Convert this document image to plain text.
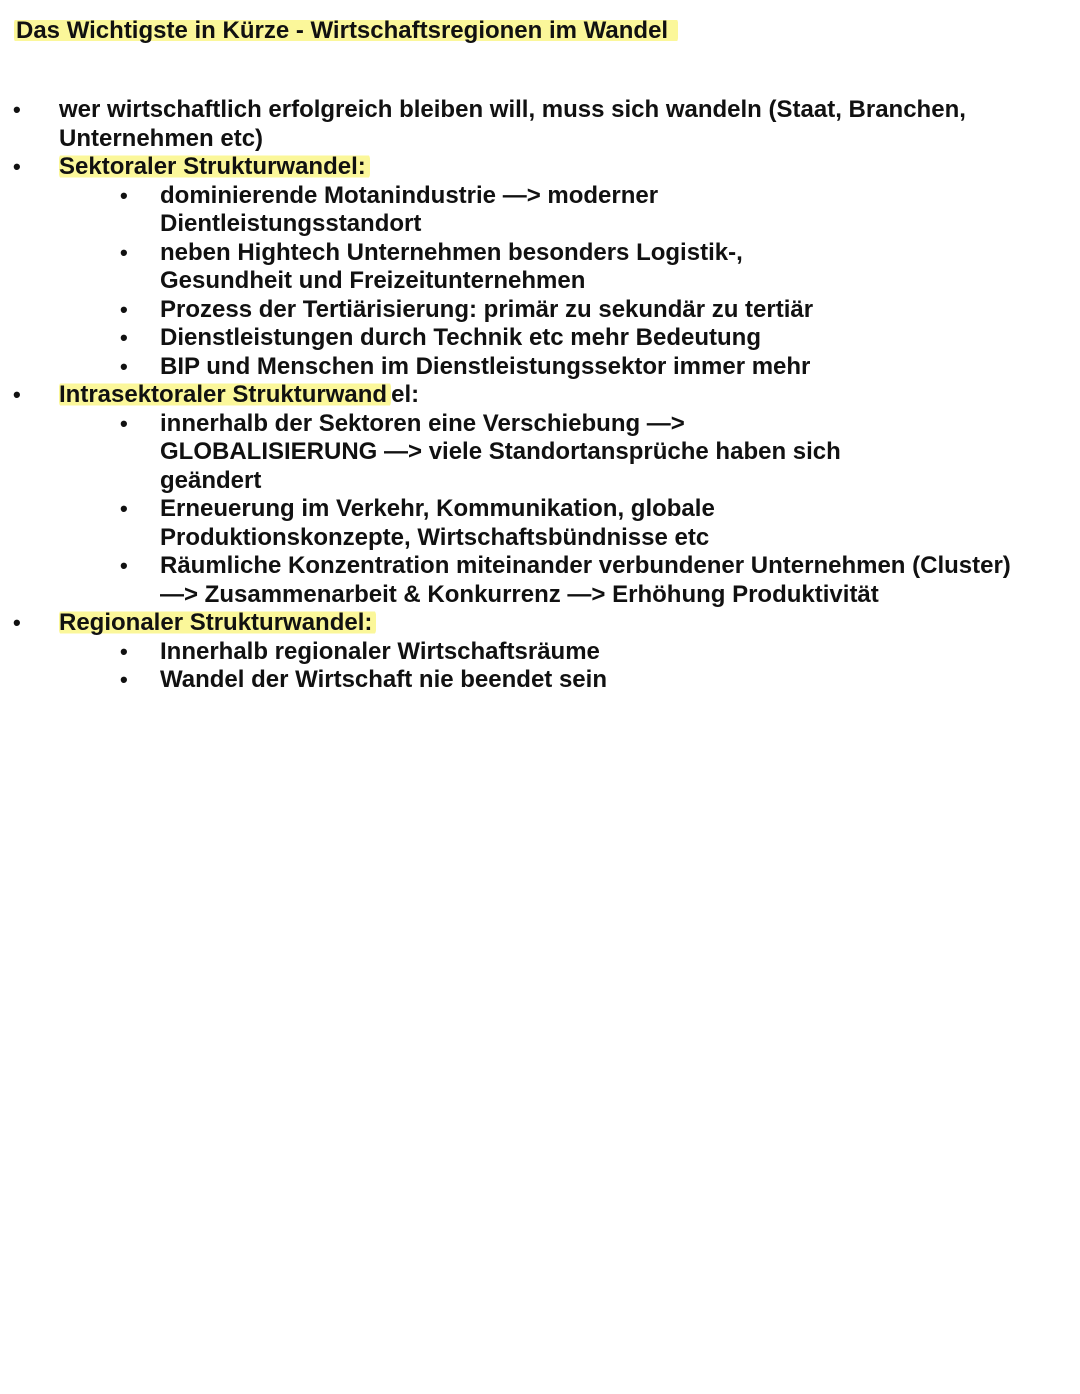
Das Wichtigste in Kürze - Wirtschaftsregionen im Wandel
• wer wirtschaftlich erfolgreich bleiben will, muss sich wandeln (Staat, Branchen, Unternehmen etc)
• Sektoraler Strukturwandel:
• dominierende Motanindustrie —> moderner Dientleistungsstandort
• neben Hightech Unternehmen besonders Logistik-, Gesundheit und Freizeitunternehmen
• Prozess der Tertiärisierung: primär zu sekundär zu tertiär
• Dienstleistungen durch Technik etc mehr Bedeutung
• BIP und Menschen im Dienstleistungssektor immer mehr
• Intrasektoraler Strukturwand el:
• innerhalb der Sektoren eine Verschiebung —> GLOBALISIERUNG —> viele Standortansprüche haben sich geändert
• Erneuerung im Verkehr, Kommunikation, globale Produktionskonzepte, Wirtschaftsbündnisse etc
• Räumliche Konzentration miteinander verbundener Unternehmen (Cluster) —> Zusammenarbeit & Konkurrenz —> Erhöhung Produktivität
• Regionaler Strukturwandel:
• Innerhalb regionaler Wirtschaftsräume
• Wandel der Wirtschaft nie beendet sein
